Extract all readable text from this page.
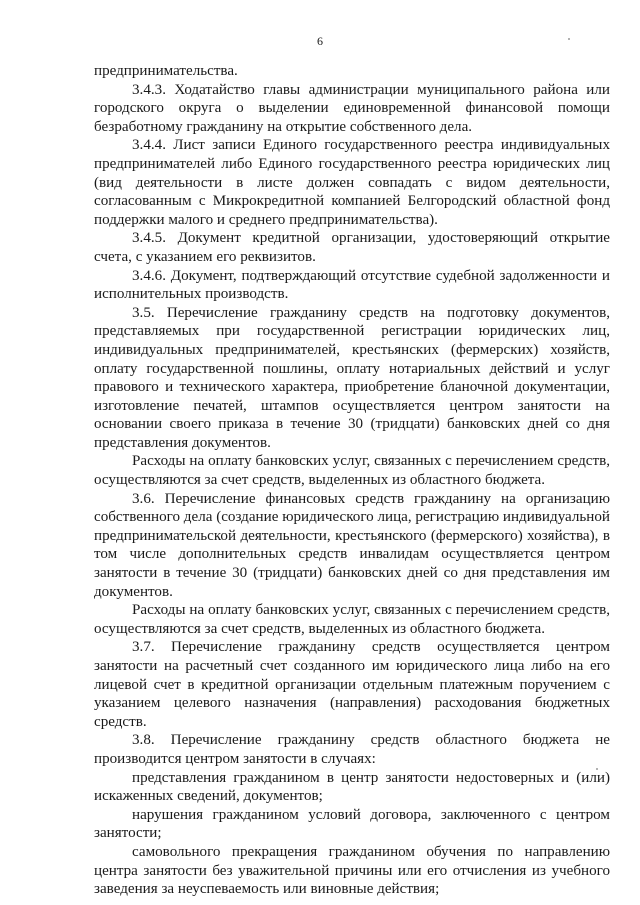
6

предпринимательства.

3.4.3. Ходатайство главы администрации муниципального района или городского округа о выделении единовременной финансовой помощи безработному гражданину на открытие собственного дела.

3.4.4. Лист записи Единого государственного реестра индивидуальных предпринимателей либо Единого государственного реестра юридических лиц (вид деятельности в листе должен совпадать с видом деятельности, согласованным с Микрокредитной компанией Белгородский областной фонд поддержки малого и среднего предпринимательства).

3.4.5. Документ кредитной организации, удостоверяющий открытие счета, с указанием его реквизитов.

3.4.6. Документ, подтверждающий отсутствие судебной задолженности и исполнительных производств.

3.5. Перечисление гражданину средств на подготовку документов, представляемых при государственной регистрации юридических лиц, индивидуальных предпринимателей, крестьянских (фермерских) хозяйств, оплату государственной пошлины, оплату нотариальных действий и услуг правового и технического характера, приобретение бланочной документации, изготовление печатей, штампов осуществляется центром занятости на основании своего приказа в течение 30 (тридцати) банковских дней со дня представления документов.

Расходы на оплату банковских услуг, связанных с перечислением средств, осуществляются за счет средств, выделенных из областного бюджета.

3.6. Перечисление финансовых средств гражданину на организацию собственного дела (создание юридического лица, регистрацию индивидуальной предпринимательской деятельности, крестьянского (фермерского) хозяйства), в том числе дополнительных средств инвалидам осуществляется центром занятости в течение 30 (тридцати) банковских дней со дня представления им документов.

Расходы на оплату банковских услуг, связанных с перечислением средств, осуществляются за счет средств, выделенных из областного бюджета.

3.7. Перечисление гражданину средств осуществляется центром занятости на расчетный счет созданного им юридического лица либо на его лицевой счет в кредитной организации отдельным платежным поручением с указанием целевого назначения (направления) расходования бюджетных средств.

3.8. Перечисление гражданину средств областного бюджета не производится центром занятости в случаях:

представления гражданином в центр занятости недостоверных и (или) искаженных сведений, документов;

нарушения гражданином условий договора, заключенного с центром занятости;

самовольного прекращения гражданином обучения по направлению центра занятости без уважительной причины или его отчисления из учебного заведения за неуспеваемость или виновные действия;
